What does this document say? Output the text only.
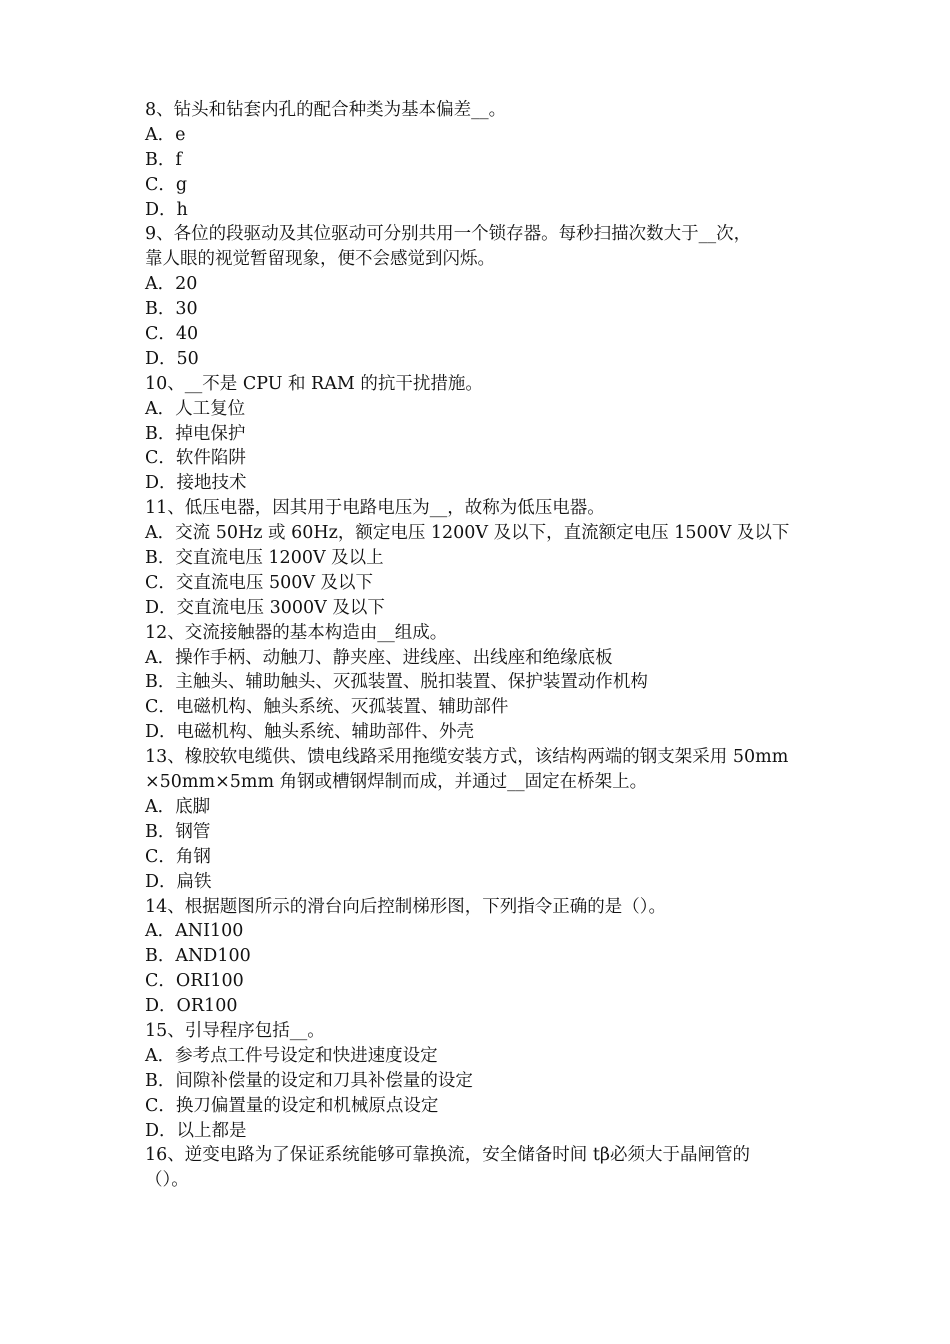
8、钻头和钻套内孔的配合种类为基本偏差__。
A．e
B．f
C．g
D．h
9、各位的段驱动及其位驱动可分别共用一个锁存器。每秒扫描次数大于__次，
靠人眼的视觉暂留现象，便不会感觉到闪烁。
A．20
B．30
C．40
D．50
10、__不是 CPU 和 RAM 的抗干扰措施。
A．人工复位
B．掉电保护
C．软件陷阱
D．接地技术
11、低压电器，因其用于电路电压为__，故称为低压电器。
A．交流 50Hz 或 60Hz，额定电压 1200V 及以下，直流额定电压 1500V 及以下
B．交直流电压 1200V 及以上
C．交直流电压 500V 及以下
D．交直流电压 3000V 及以下
12、交流接触器的基本构造由__组成。
A．操作手柄、动触刀、静夹座、进线座、出线座和绝缘底板
B．主触头、辅助触头、灭孤装置、脱扣装置、保护装置动作机构
C．电磁机构、触头系统、灭孤装置、辅助部件
D．电磁机构、触头系统、辅助部件、外壳
13、橡胶软电缆供、馈电线路采用拖缆安装方式，该结构两端的钢支架采用 50mm
×50mm×5mm 角钢或槽钢焊制而成，并通过__固定在桥架上。
A．底脚
B．钢管
C．角钢
D．扁铁
14、根据题图所示的滑台向后控制梯形图，下列指令正确的是（）。
A．ANI100
B．AND100
C．ORI100
D．OR100
15、引导程序包括__。
A．参考点工件号设定和快进速度设定
B．间隙补偿量的设定和刀具补偿量的设定
C．换刀偏置量的设定和机械原点设定
D．以上都是
16、逆变电路为了保证系统能够可靠换流，安全储备时间 tβ必须大于晶闸管的
（）。
